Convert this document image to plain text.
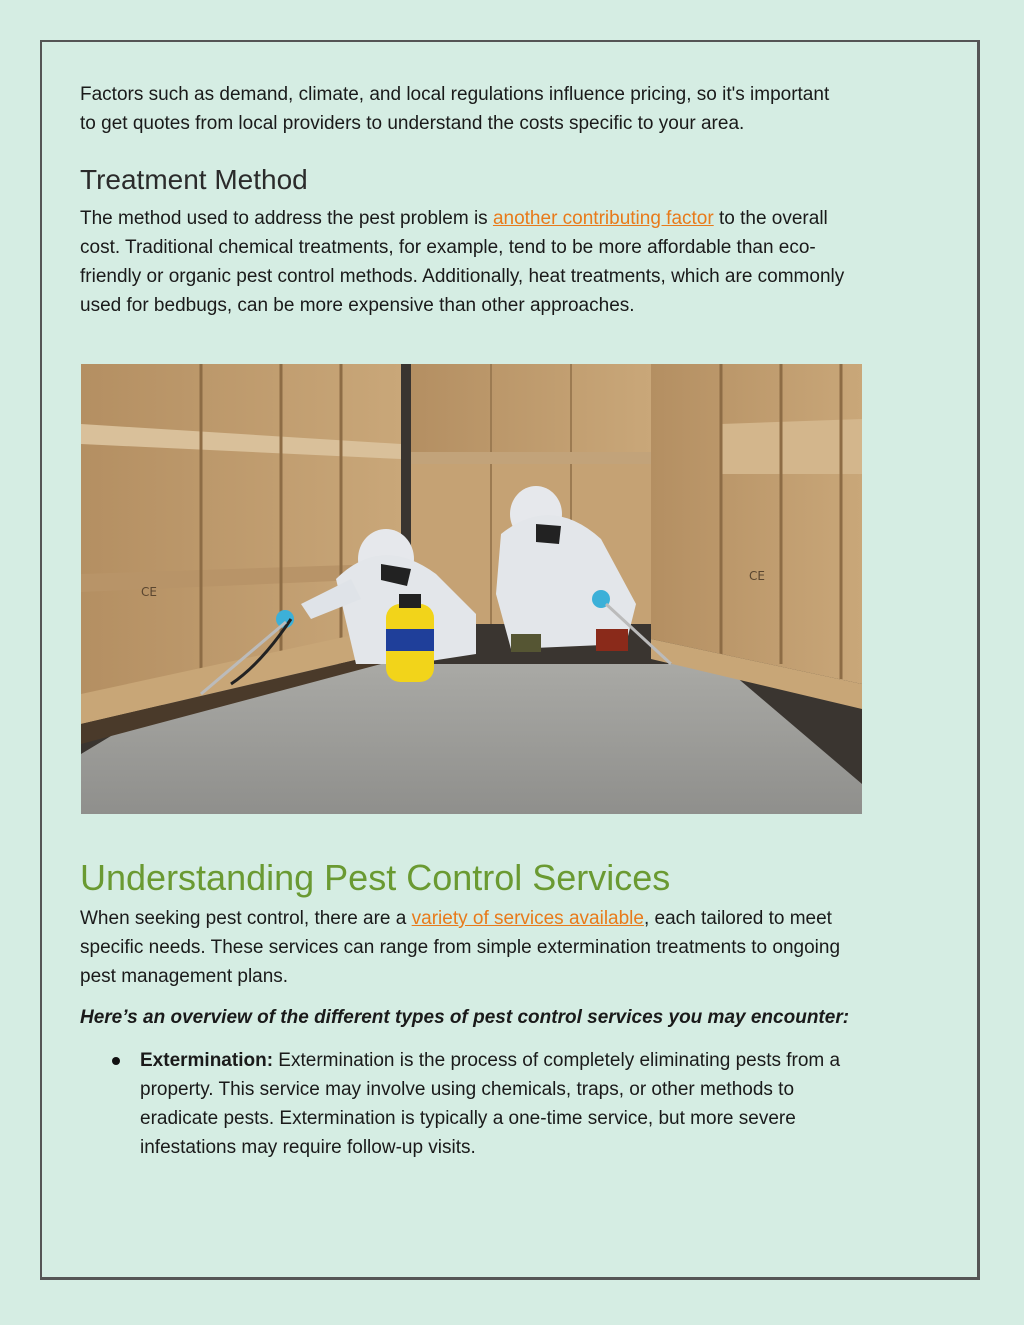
Factors such as demand, climate, and local regulations influence pricing, so it's important to get quotes from local providers to understand the costs specific to your area.

Treatment Method

The method used to address the pest problem is another contributing factor to the overall cost. Traditional chemical treatments, for example, tend to be more affordable than eco-friendly or organic pest control methods. Additionally, heat treatments, which are commonly used for bedbugs, can be more expensive than other approaches.

CE
CE
Understanding Pest Control Services

When seeking pest control, there are a variety of services available, each tailored to meet specific needs. These services can range from simple extermination treatments to ongoing pest management plans.

Here’s an overview of the different types of pest control services you may encounter:

Extermination: Extermination is the process of completely eliminating pests from a property. This service may involve using chemicals, traps, or other methods to eradicate pests. Extermination is typically a one-time service, but more severe infestations may require follow-up visits.
